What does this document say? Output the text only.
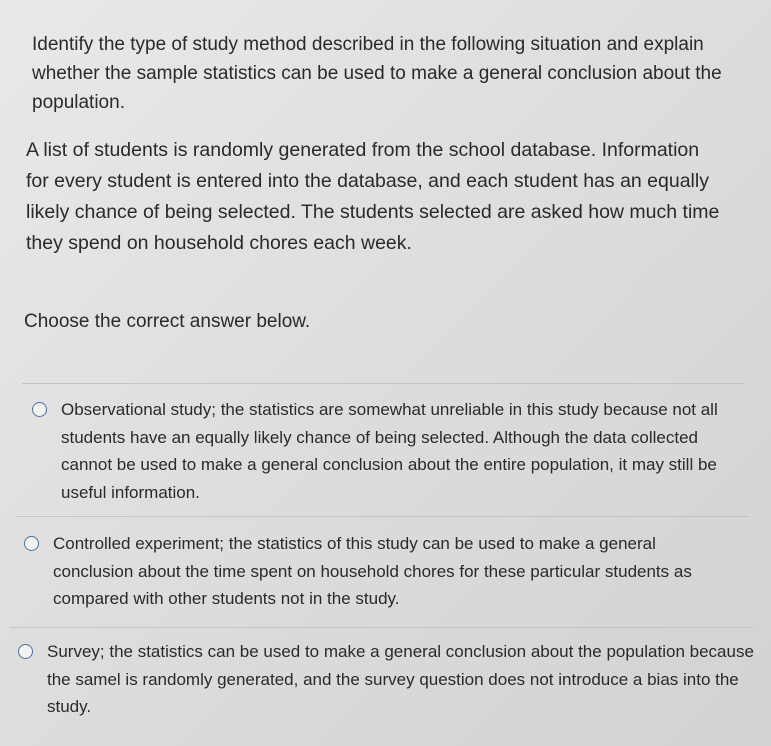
Identify the type of study method described in the following situation and explain whether the sample statistics can be used to make a general conclusion about the population.
A list of students is randomly generated from the school database. Information for every student is entered into the database, and each student has an equally likely chance of being selected. The students selected are asked how much time they spend on household chores each week.
Choose the correct answer below.
Observational study; the statistics are somewhat unreliable in this study because not all students have an equally likely chance of being selected. Although the data collected cannot be used to make a general conclusion about the entire population, it may still be useful information.
Controlled experiment; the statistics of this study can be used to make a general conclusion about the time spent on household chores for these particular students as compared with other students not in the study.
Survey; the statistics can be used to make a general conclusion about the population because the samel is randomly generated, and the survey question does not introduce a bias into the study.
